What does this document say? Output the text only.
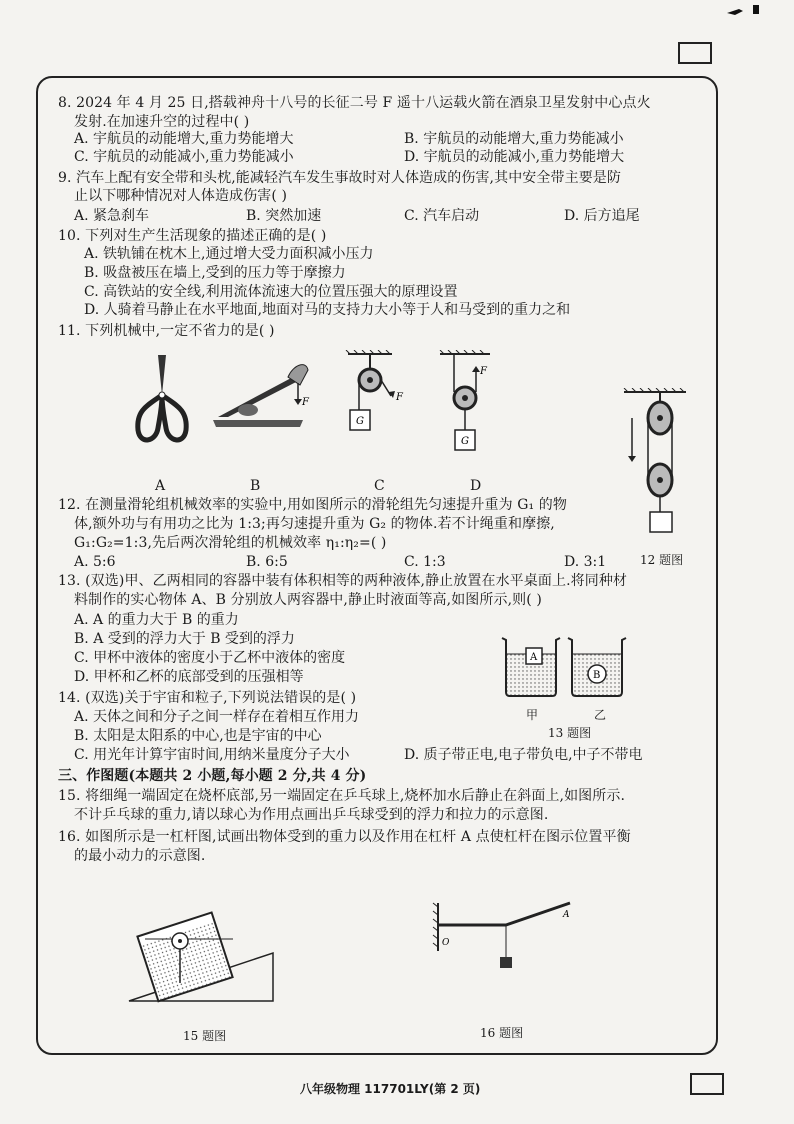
8. 2024 年 4 月 25 日,搭载神舟十八号的长征二号 F 遥十八运载火箭在酒泉卫星发射中心点火
发射.在加速升空的过程中( )
A. 宇航员的动能增大,重力势能增大	B. 宇航员的动能增大,重力势能减小
C. 宇航员的动能减小,重力势能减小	D. 宇航员的动能减小,重力势能增大
9. 汽车上配有安全带和头枕,能减轻汽车发生事故时对人体造成的伤害,其中安全带主要是防
止以下哪种情况对人体造成伤害( )
A. 紧急刹车	B. 突然加速	C. 汽车启动	D. 后方追尾
10. 下列对生产生活现象的描述正确的是( )
A. 铁轨铺在枕木上,通过增大受力面积减小压力
B. 吸盘被压在墙上,受到的压力等于摩擦力
C. 高铁站的安全线,利用流体流速大的位置压强大的原理设置
D. 人骑着马静止在水平地面,地面对马的支持力大小等于人和马受到的重力之和
11. 下列机械中,一定不省力的是( )
F	F
G
F
G
A	B	C	D
12 题图
12. 在测量滑轮组机械效率的实验中,用如图所示的滑轮组先匀速提升重为 G₁ 的物
体,额外功与有用功之比为 1:3;再匀速提升重为 G₂ 的物体.若不计绳重和摩擦,
G₁:G₂=1:3,先后两次滑轮组的机械效率 η₁:η₂=( )
A. 5:6	B. 6:5	C. 1:3	D. 3:1
13. (双选)甲、乙两相同的容器中装有体积相等的两种液体,静止放置在水平桌面上.将同种材
料制作的实心物体 A、B 分别放人两容器中,静止时液面等高,如图所示,则( )
A. A 的重力大于 B 的重力
B. A 受到的浮力大于 B 受到的浮力
C. 甲杯中液体的密度小于乙杯中液体的密度
D. 甲杯和乙杯的底部受到的压强相等
A
B
甲	乙
13 题图
14. (双选)关于宇宙和粒子,下列说法错误的是( )
A. 天体之间和分子之间一样存在着相互作用力
B. 太阳是太阳系的中心,也是宇宙的中心
C. 用光年计算宇宙时间,用纳米量度分子大小	D. 质子带正电,电子带负电,中子不带电
三、作图题(本题共 2 小题,每小题 2 分,共 4 分)
15. 将细绳一端固定在烧杯底部,另一端固定在乒乓球上,烧杯加水后静止在斜面上,如图所示.
不计乒乓球的重力,请以球心为作用点画出乒乓球受到的浮力和拉力的示意图.
16. 如图所示是一杠杆图,试画出物体受到的重力以及作用在杠杆 A 点使杠杆在图示位置平衡
的最小动力的示意图.
15 题图
O
A
16 题图
八年级物理 117701LY(第 2 页)
